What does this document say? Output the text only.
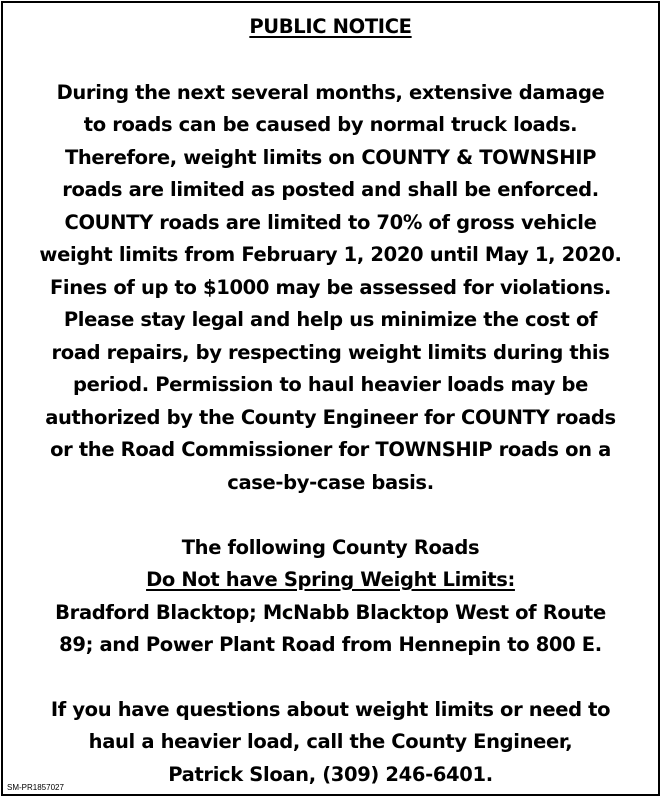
PUBLIC NOTICE
During the next several months, extensive damage
to roads can be caused by normal truck loads.
Therefore, weight limits on COUNTY & TOWNSHIP
roads are limited as posted and shall be enforced.
COUNTY roads are limited to 70% of gross vehicle
weight limits from February 1, 2020 until May 1, 2020.
Fines of up to $1000 may be assessed for violations.
Please stay legal and help us minimize the cost of
road repairs, by respecting weight limits during this
period. Permission to haul heavier loads may be
authorized by the County Engineer for COUNTY roads
or the Road Commissioner for TOWNSHIP roads on a
case-by-case basis.
The following County Roads
Do Not have Spring Weight Limits:
Bradford Blacktop; McNabb Blacktop West of Route
89; and Power Plant Road from Hennepin to 800 E.
If you have questions about weight limits or need to
haul a heavier load, call the County Engineer,
Patrick Sloan, (309) 246-6401.
SM-PR1857027
